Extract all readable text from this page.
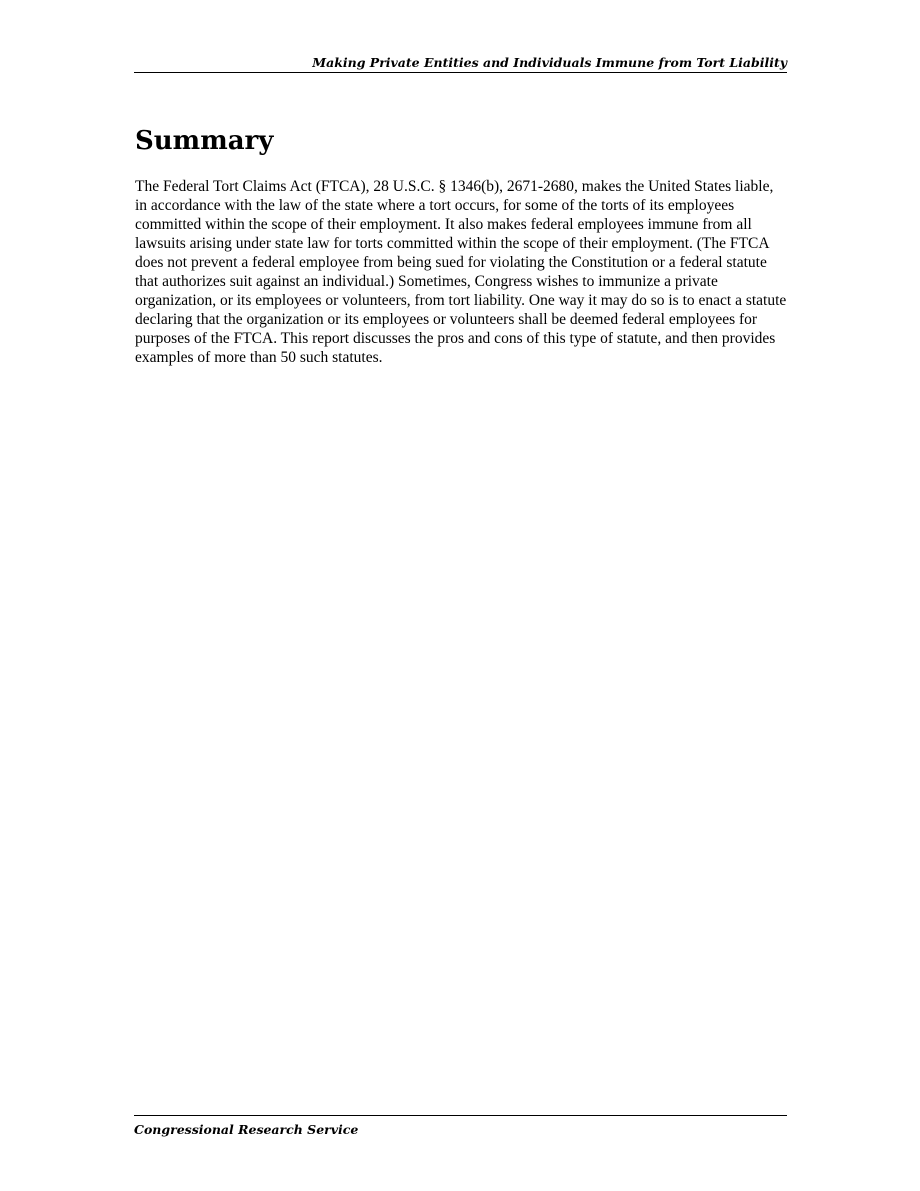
Making Private Entities and Individuals Immune from Tort Liability
Summary

The Federal Tort Claims Act (FTCA), 28 U.S.C. § 1346(b), 2671-2680, makes the United States liable, in accordance with the law of the state where a tort occurs, for some of the torts of its employees committed within the scope of their employment. It also makes federal employees immune from all lawsuits arising under state law for torts committed within the scope of their employment. (The FTCA does not prevent a federal employee from being sued for violating the Constitution or a federal statute that authorizes suit against an individual.) Sometimes, Congress wishes to immunize a private organization, or its employees or volunteers, from tort liability. One way it may do so is to enact a statute declaring that the organization or its employees or volunteers shall be deemed federal employees for purposes of the FTCA. This report discusses the pros and cons of this type of statute, and then provides examples of more than 50 such statutes.

Congressional Research Service
